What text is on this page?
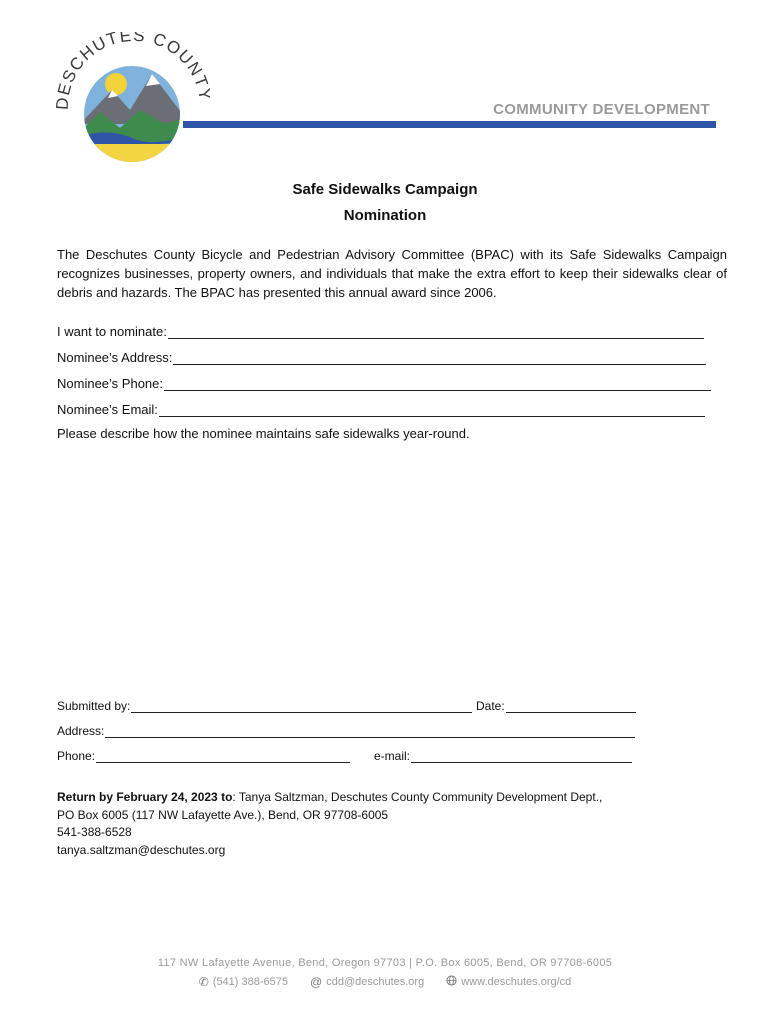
DESCHUTES COUNT
COMMUNITY DEVELOPMENT
Safe Sidewalks Campaign
Nomination
The Deschutes County Bicycle and Pedestrian Advisory Committee (BPAC) with its Safe Sidewalks Campaign recognizes businesses, property owners, and individuals that make the extra effort to keep their sidewalks clear of debris and hazards. The BPAC has presented this annual award since 2006.
I want to nominate:
Nominee’s Address:
Nominee’s Phone:
Nominee’s Email:
Please describe how the nominee maintains safe sidewalks year-round.
Submitted by:	Date:
Address:
Phone:	e-mail:
Return by February 24, 2023 to: Tanya Saltzman, Deschutes County Community Development Dept.,
PO Box 6005 (117 NW Lafayette Ave.), Bend, OR 97708-6005
541-388-6528
tanya.saltzman@deschutes.org
117 NW Lafayette Avenue, Bend, Oregon 97703 | P.O. Box 6005, Bend, OR 97708-6005
✆ (541) 388-6575 @ cdd@deschutes.org	www.deschutes.org/cd
